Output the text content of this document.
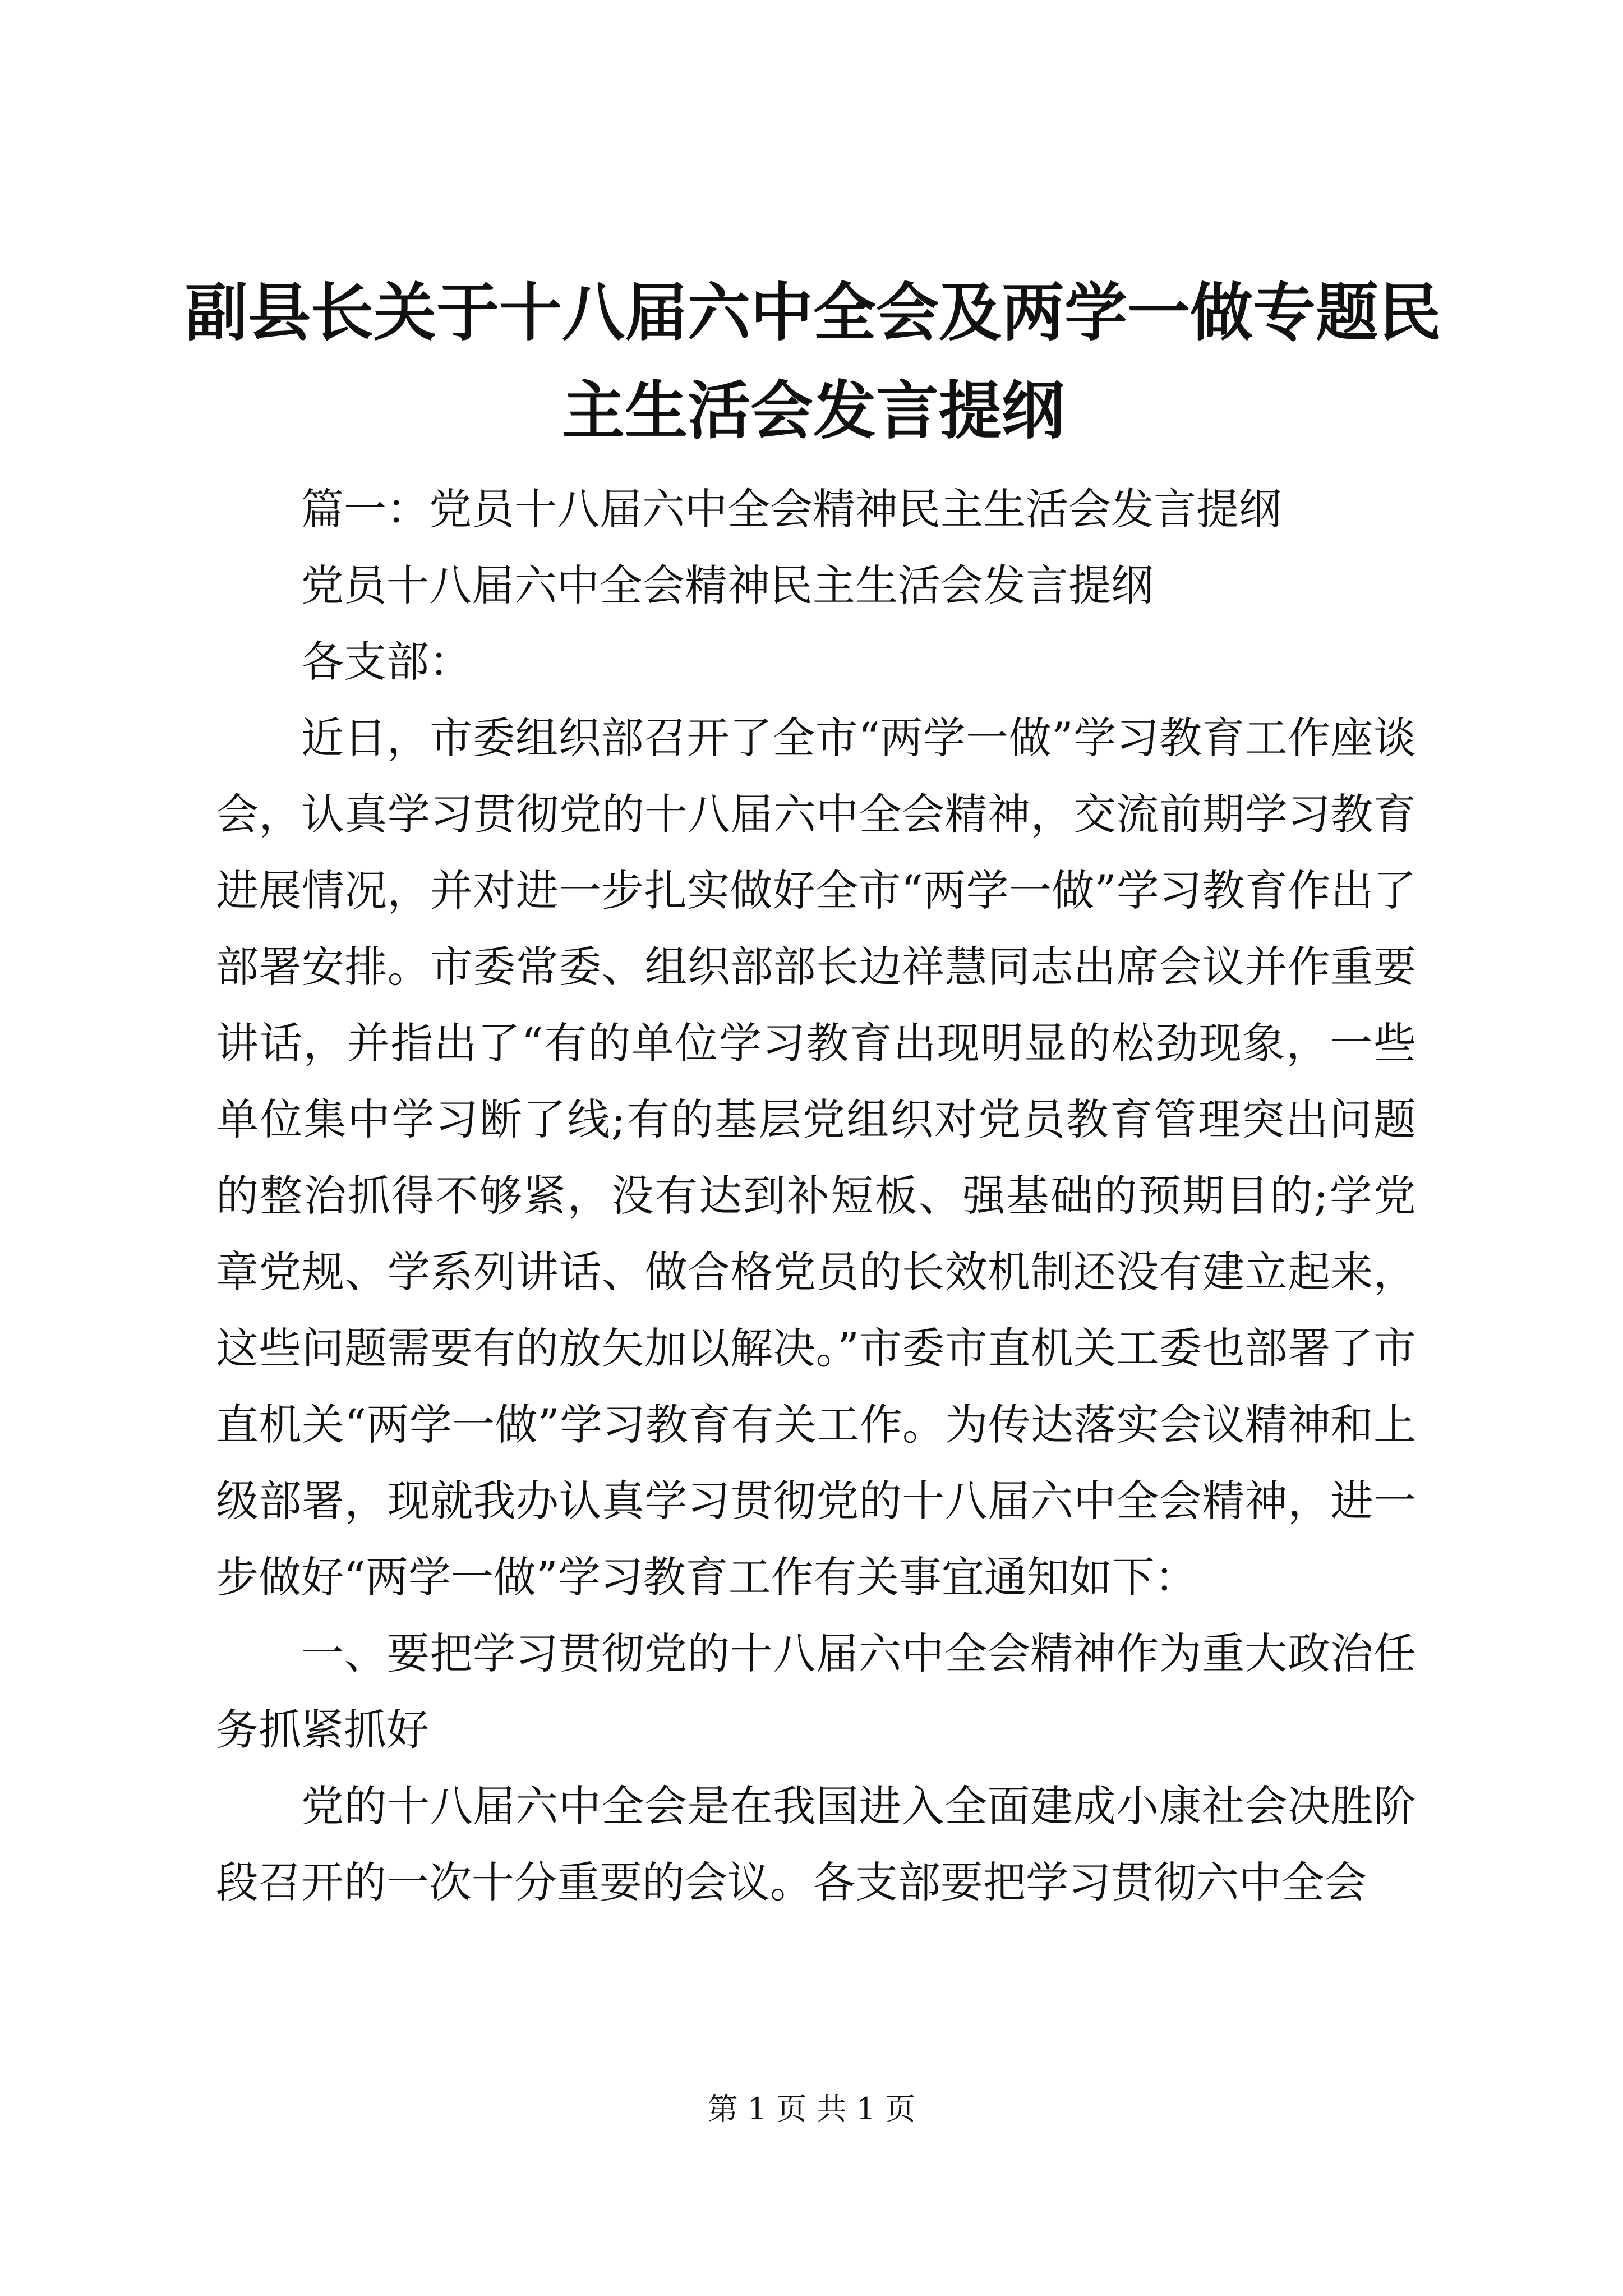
副县长关于十八届六中全会及两学一做专题民主生活会发言提纲

篇一：党员十八届六中全会精神民主生活会发言提纲

党员十八届六中全会精神民主生活会发言提纲

各支部：

近日，市委组织部召开了全市“两学一做”学习教育工作座谈会，认真学习贯彻党的十八届六中全会精神，交流前期学习教育进展情况，并对进一步扎实做好全市“两学一做”学习教育作出了部署安排。市委常委、组织部部长边祥慧同志出席会议并作重要讲话，并指出了“有的单位学习教育出现明显的松劲现象，一些单位集中学习断了线;有的基层党组织对党员教育管理突出问题的整治抓得不够紧，没有达到补短板、强基础的预期目的;学党章党规、学系列讲话、做合格党员的长效机制还没有建立起来，这些问题需要有的放矢加以解决。”市委市直机关工委也部署了市直机关“两学一做”学习教育有关工作。为传达落实会议精神和上级部署，现就我办认真学习贯彻党的十八届六中全会精神，进一步做好“两学一做”学习教育工作有关事宜通知如下：

一、要把学习贯彻党的十八届六中全会精神作为重大政治任务抓紧抓好

党的十八届六中全会是在我国进入全面建成小康社会决胜阶段召开的一次十分重要的会议。各支部要把学习贯彻六中全会

第 1 页 共 1 页
